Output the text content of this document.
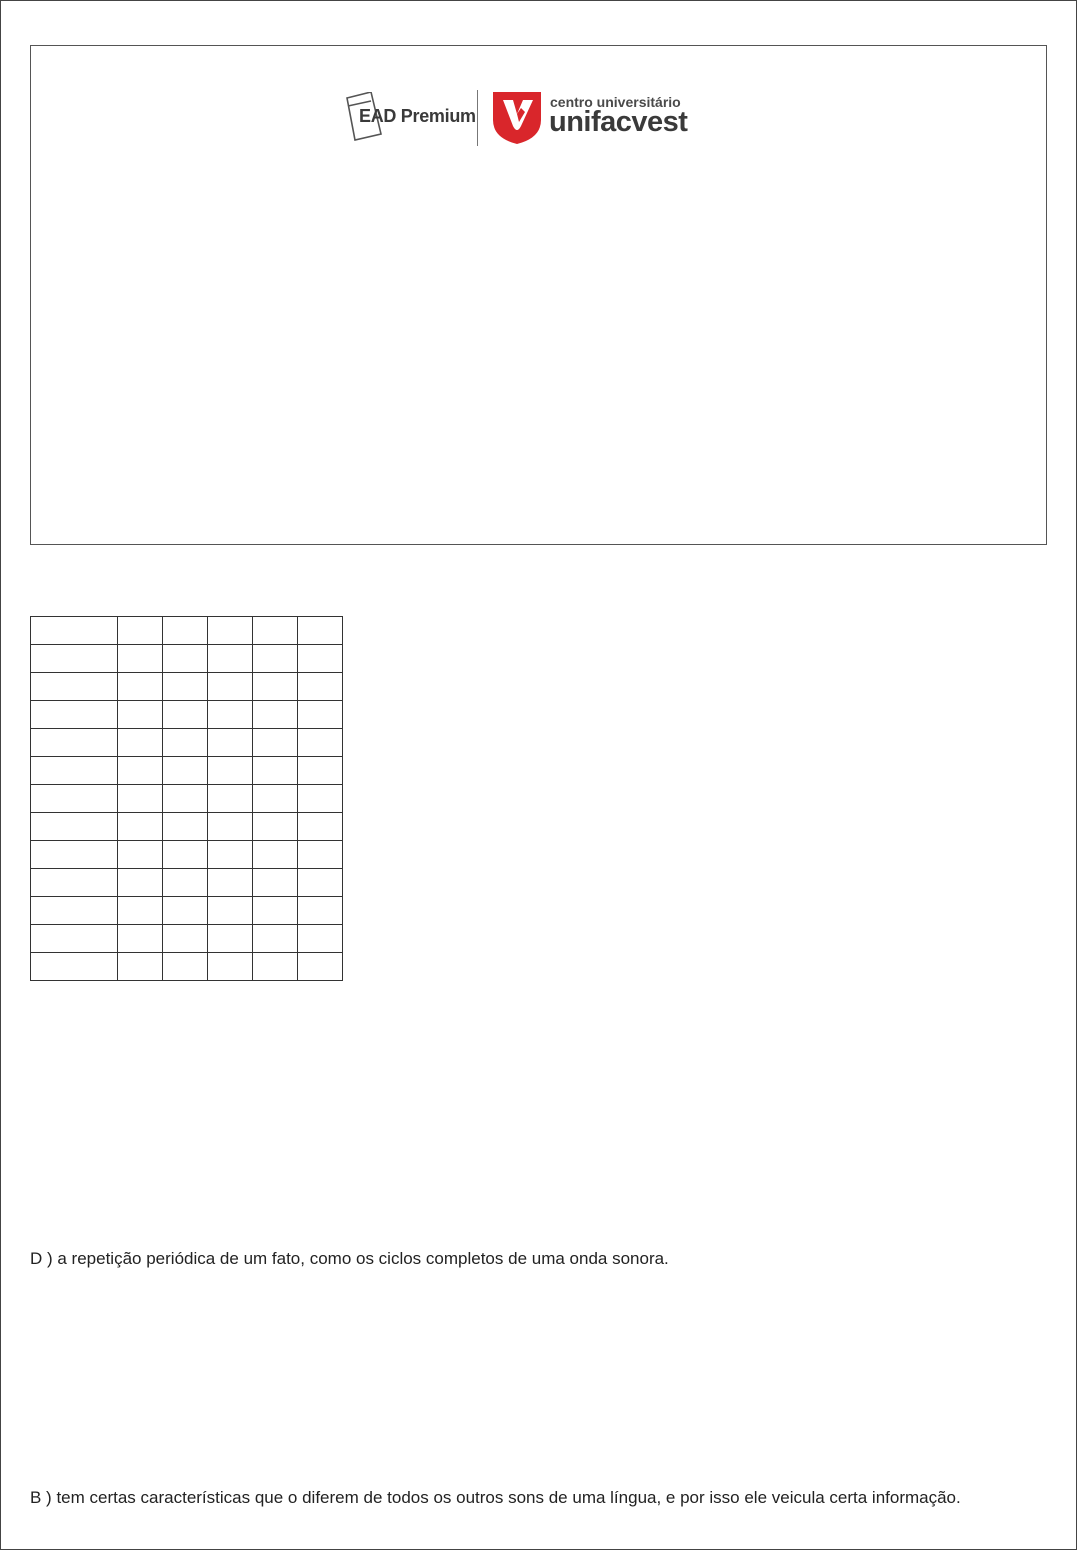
EAD Premium
centro universitário
unifacvest

D ) a repetição periódica de um fato, como os ciclos completos de uma onda sonora.
B ) tem certas características que o diferem de todos os outros sons de uma língua, e por isso ele veicula certa informação.
